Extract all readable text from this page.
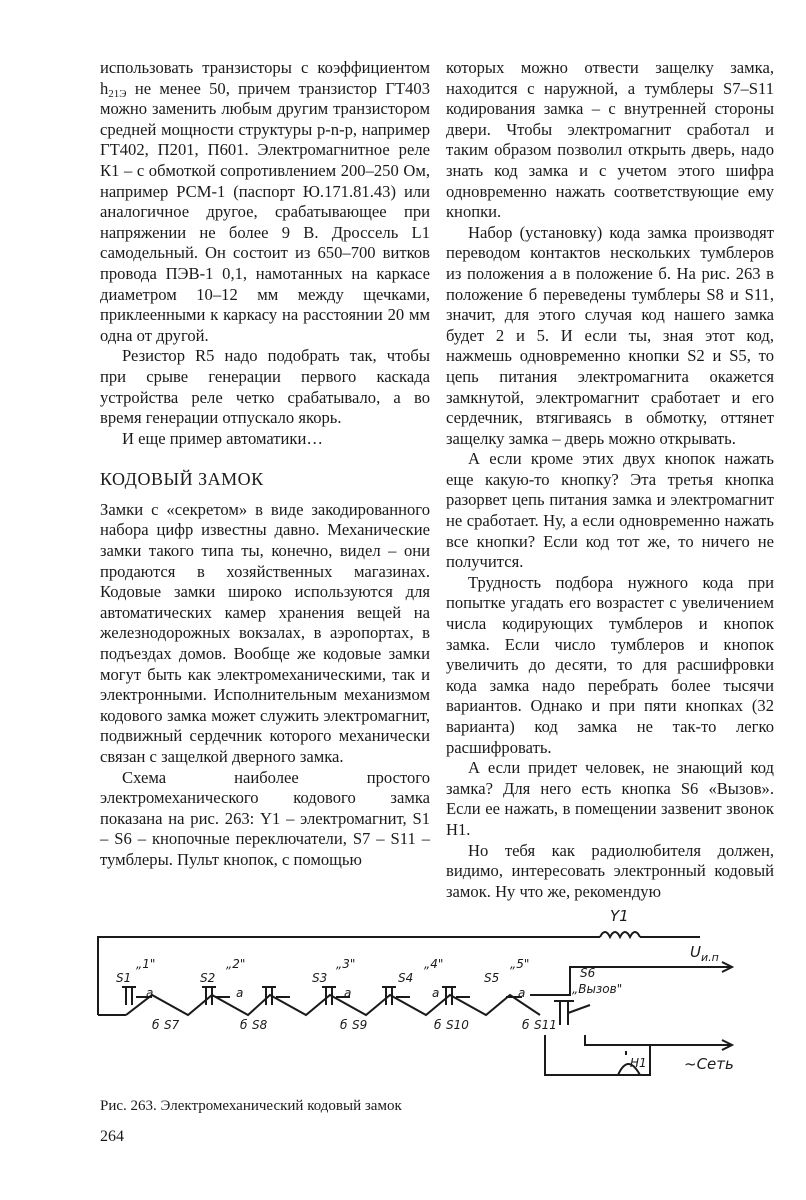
использовать транзисторы с коэффициентом $h_{21Э}$ не менее 50, причем транзистор ГТ403 можно заменить любым другим транзистором средней мощности структуры p-n-p, например ГТ402, П201, П601. Электромагнитное реле К1 – с обмоткой сопротивлением 200–250 Ом, например РСМ-1 (паспорт Ю.171.81.43) или аналогичное другое, срабатывающее при напряжении не более 9 В. Дроссель L1 самодельный. Он состоит из 650–700 витков провода ПЭВ-1 0,1, намотанных на каркасе диаметром 10–12 мм между щечками, приклеенными к каркасу на расстоянии 20 мм одна от другой.

Резистор R5 надо подобрать так, чтобы при срыве генерации первого каскада устройства реле четко срабатывало, а во время генерации отпускало якорь.

И еще пример автоматики…

КОДОВЫЙ ЗАМОК

Замки с «секретом» в виде закодированного набора цифр известны давно. Механические замки такого типа ты, конечно, видел – они продаются в хозяйственных магазинах. Кодовые замки широко используются для автоматических камер хранения вещей на железнодорожных вокзалах, в аэропортах, в подъездах домов. Вообще же кодовые замки могут быть как электромеханическими, так и электронными. Исполнительным механизмом кодового замка может служить электромагнит, подвижный сердечник которого механически связан с защелкой дверного замка.

Схема наиболее простого электромеханического кодового замка показана на рис. 263: Y1 – электромагнит, S1 – S6 – кнопочные переключатели, S7 – S11 – тумблеры. Пульт кнопок, с помощью

которых можно отвести защелку замка, находится с наружной, а тумблеры S7–S11 кодирования замка – с внутренней стороны двери. Чтобы электромагнит сработал и таким образом позволил открыть дверь, надо знать код замка и с учетом этого шифра одновременно нажать соответствующие ему кнопки.

Набор (установку) кода замка производят переводом контактов нескольких тумблеров из положения а в положение б. На рис. 263 в положение б переведены тумблеры S8 и S11, значит, для этого случая код нашего замка будет 2 и 5. И если ты, зная этот код, нажмешь одновременно кнопки S2 и S5, то цепь питания электромагнита окажется замкнутой, электромагнит сработает и его сердечник, втягиваясь в обмотку, оттянет защелку замка – дверь можно открывать.

А если кроме этих двух кнопок нажать еще какую-то кнопку? Эта третья кнопка разорвет цепь питания замка и электромагнит не сработает. Ну, а если одновременно нажать все кнопки? Если код тот же, то ничего не получится.

Трудность подбора нужного кода при попытке угадать его возрастет с увеличением числа кодирующих тумблеров и кнопок замка. Если число тумблеров и кнопок увеличить до десяти, то для расшифровки кода замка надо перебрать более тысячи вариантов. Однако и при пяти кнопках (32 варианта) код замка не так-то легко расшифровать.

А если придет человек, не знающий код замка? Для него есть кнопка S6 «Вызов». Если ее нажать, в помещении зазвенит звонок H1.

Но тебя как радиолюбителя должен, видимо, интересовать электронный кодовый замок. Ну что же, рекомендую

Y1
$U_{и.п}$
S1
„1"
а
б S7
S2
„2"
а
б S8
S3
„3"
а
б S9
S4
„4"
а
б S10
S5
„5"
а
б S11
S6
„Вызов"
H1 ~Сеть
Рис. 263. Электромеханический кодовый замок
264
